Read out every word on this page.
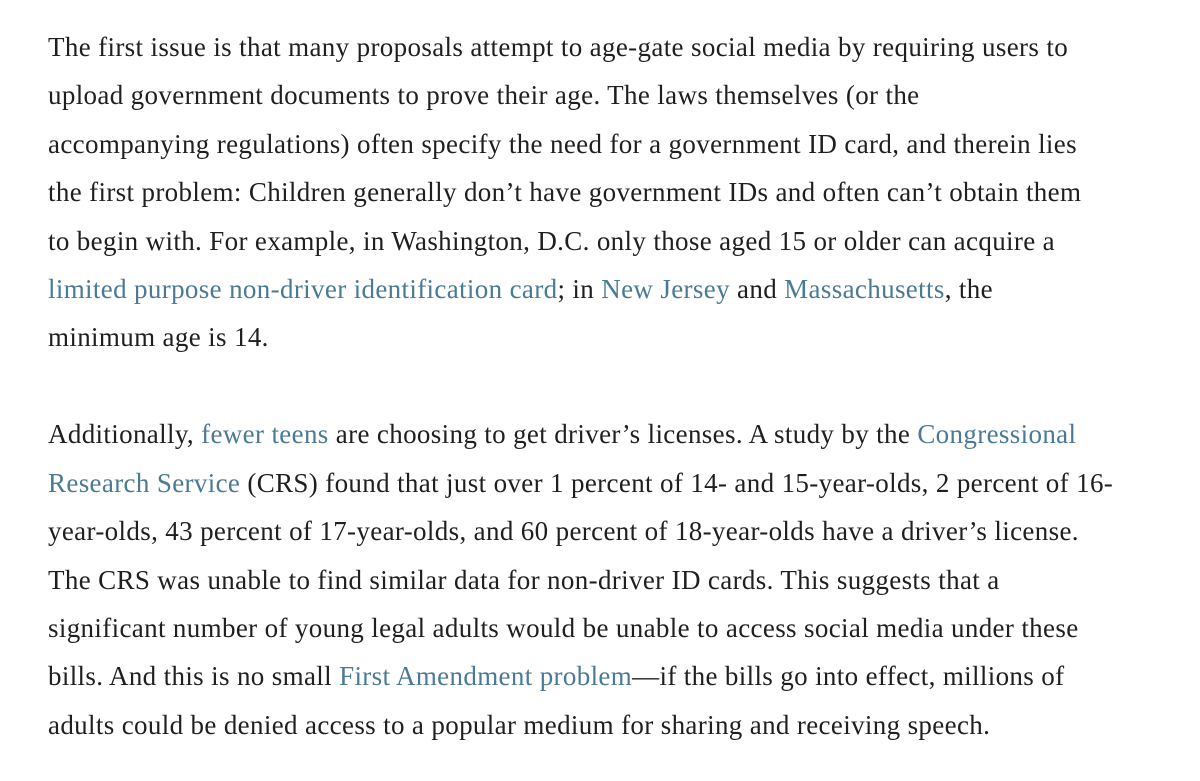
The first issue is that many proposals attempt to age-gate social media by requiring users to
upload government documents to prove their age. The laws themselves (or the
accompanying regulations) often specify the need for a government ID card, and therein lies
the first problem: Children generally don’t have government IDs and often can’t obtain them
to begin with. For example, in Washington, D.C. only those aged 15 or older can acquire a
limited purpose non-driver identification card; in New Jersey and Massachusetts, the
minimum age is 14.
Additionally, fewer teens are choosing to get driver’s licenses. A study by the Congressional
Research Service (CRS) found that just over 1 percent of 14- and 15-year-olds, 2 percent of 16-
year-olds, 43 percent of 17-year-olds, and 60 percent of 18-year-olds have a driver’s license.
The CRS was unable to find similar data for non-driver ID cards. This suggests that a
significant number of young legal adults would be unable to access social media under these
bills. And this is no small First Amendment problem—if the bills go into effect, millions of
adults could be denied access to a popular medium for sharing and receiving speech.
